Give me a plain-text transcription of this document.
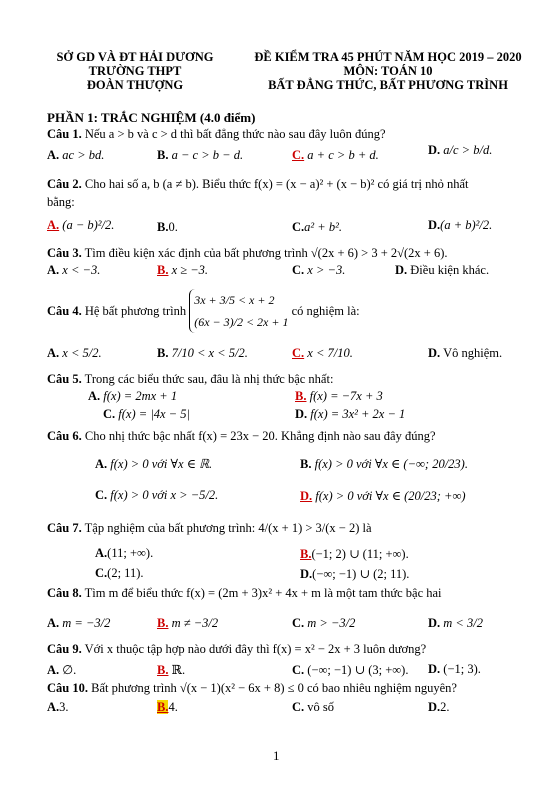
SỞ GD VÀ ĐT HẢI DƯƠNG
TRƯỜNG THPT
ĐOÀN THƯỢNG
ĐỀ KIỂM TRA 45 PHÚT NĂM HỌC 2019 – 2020
MÔN: TOÁN 10
BẤT ĐẲNG THỨC, BẤT PHƯƠNG TRÌNH
PHẦN 1: TRẮC NGHIỆM (4.0 điểm)
Câu 1. Nếu a > b và c > d thì bất đẳng thức nào sau đây luôn đúng?
A. ac > bd.	B. a − c > b − d.	C. a + c > b + d.	D. a/c > b/d.
Câu 2. Cho hai số a, b (a ≠ b). Biểu thức f(x) = (x − a)² + (x − b)² có giá trị nhỏ nhất
bằng:
A. (a − b)²/2.	B.0.	C.a² + b².	D.(a + b)²/2.
Câu 3. Tìm điều kiện xác định của bất phương trình √(2x + 6) > 3 + 2√(2x + 6).
A. x < −3.	B. x ≥ −3.	C. x > −3.	D. Điều kiện khác.
Câu 4.
Hệ bất phương trình

3x + 3/5 < x + 2
(6x − 3)/2 < 2x + 1

có nghiệm là:
A. x < 5/2.	B. 7/10 < x < 5/2.	C. x < 7/10.	D. Vô nghiệm.
Câu 5. Trong các biểu thức sau, đâu là nhị thức bậc nhất:
A. f(x) = 2mx + 1	B. f(x) = −7x + 3
C. f(x) = |4x − 5|	D. f(x) = 3x² + 2x − 1
Câu 6. Cho nhị thức bậc nhất f(x) = 23x − 20. Khẳng định nào sau đây đúng?
A. f(x) > 0 với ∀x ∈ ℝ.	B. f(x) > 0 với ∀x ∈ (−∞; 20/23).
C. f(x) > 0 với x > −5/2.	D. f(x) > 0 với ∀x ∈ (20/23; +∞)
Câu 7. Tập nghiệm của bất phương trình: 4/(x + 1) > 3/(x − 2) là
A.(11; +∞).	B.(−1; 2) ∪ (11; +∞).
C.(2; 11).	D.(−∞; −1) ∪ (2; 11).
Câu 8. Tìm m để biểu thức f(x) = (2m + 3)x² + 4x + m là một tam thức bậc hai
A. m = −3/2	B. m ≠ −3/2	C. m > −3/2	D. m < 3/2
Câu 9. Với x thuộc tập hợp nào dưới đây thì f(x) = x² − 2x + 3 luôn dương?
A. ∅.	B. ℝ.	C. (−∞; −1) ∪ (3; +∞). D. (−1; 3).
Câu 10. Bất phương trình √(x − 1)(x² − 6x + 8) ≤ 0 có bao nhiêu nghiệm nguyên?
A.3.	B.4.	C. vô số	D.2.
1
